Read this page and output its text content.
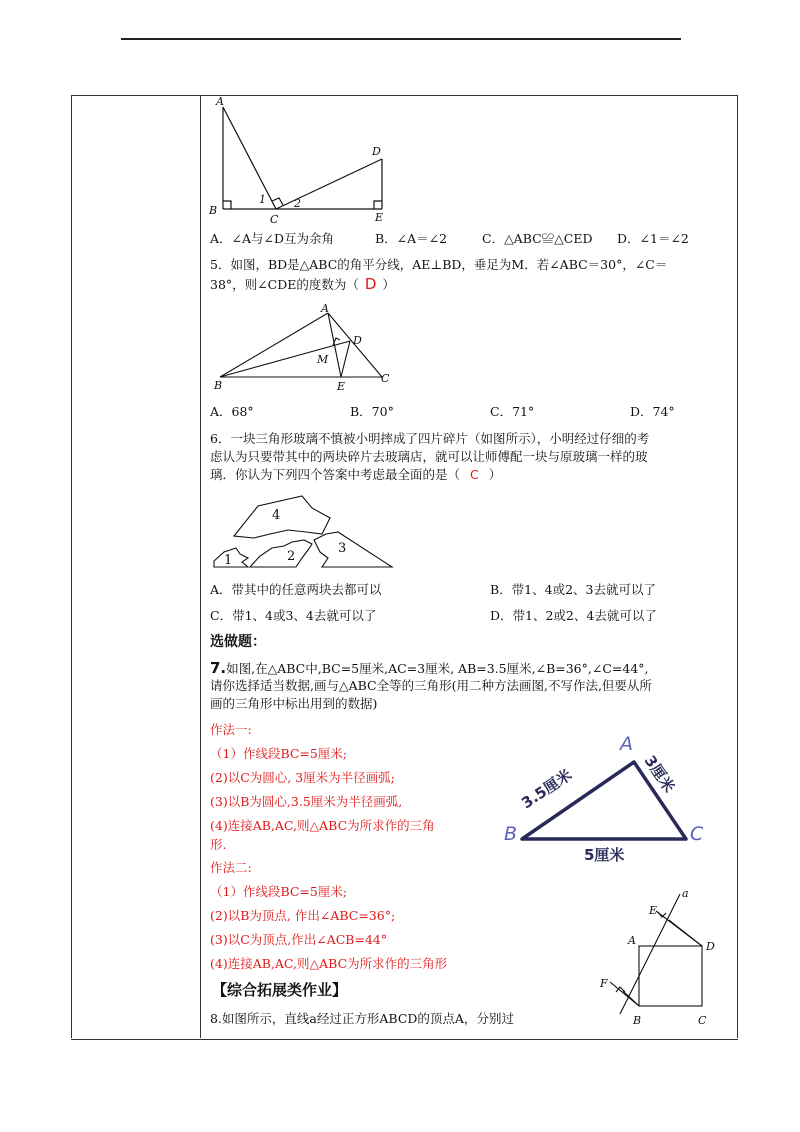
A
B
C
D
E
1	2
A．∠A与∠D互为余角	B．∠A＝∠2	C．△ABC≌△CED D．∠1＝∠2
5．如图，BD是△ABC的角平分线，AE⊥BD，垂足为M．若∠ABC＝30°，∠C＝
38°，则∠CDE的度数为（ D ）
A
B
C
D
E
M
A．68°	B．70°	C．71°	D．74°
6．一块三角形玻璃不慎被小明摔成了四片碎片（如图所示），小明经过仔细的考
虑认为只要带其中的两块碎片去玻璃店，就可以让师傅配一块与原玻璃一样的玻
璃．你认为下列四个答案中考虑最全面的是（ C ）
4
1	2
3
A．带其中的任意两块去都可以	B．带1、4或2、3去就可以了
C．带1、4或3、4去就可以了	D．带1、2或2、4去就可以了
选做题：
7.如图,在△ABC中,BC=5厘米,AC=3厘米, AB=3.5厘米,∠B=36°,∠C=44°,
请你选择适当数据,画与△ABC全等的三角形(用二种方法画图,不写作法,但要从所
画的三角形中标出用到的数据)
作法一:
（1）作线段BC=5厘米;
(2)以C为圆心, 3厘米为半径画弧;
(3)以B为圆心,3.5厘米为半径画弧,
(4)连接AB,AC,则△ABC为所求作的三角
形.
A
B	C
3.5厘米	3厘米
5厘米
作法二:
（1）作线段BC=5厘米;
(2)以B为顶点, 作出∠ABC=36°;
(3)以C为顶点,作出∠ACB=44°
(4)连接AB,AC,则△ABC为所求作的三角形
【综合拓展类作业】
8.如图所示，直线a经过正方形ABCD的顶点A，分别过
a
E
A	D
F
B	C
